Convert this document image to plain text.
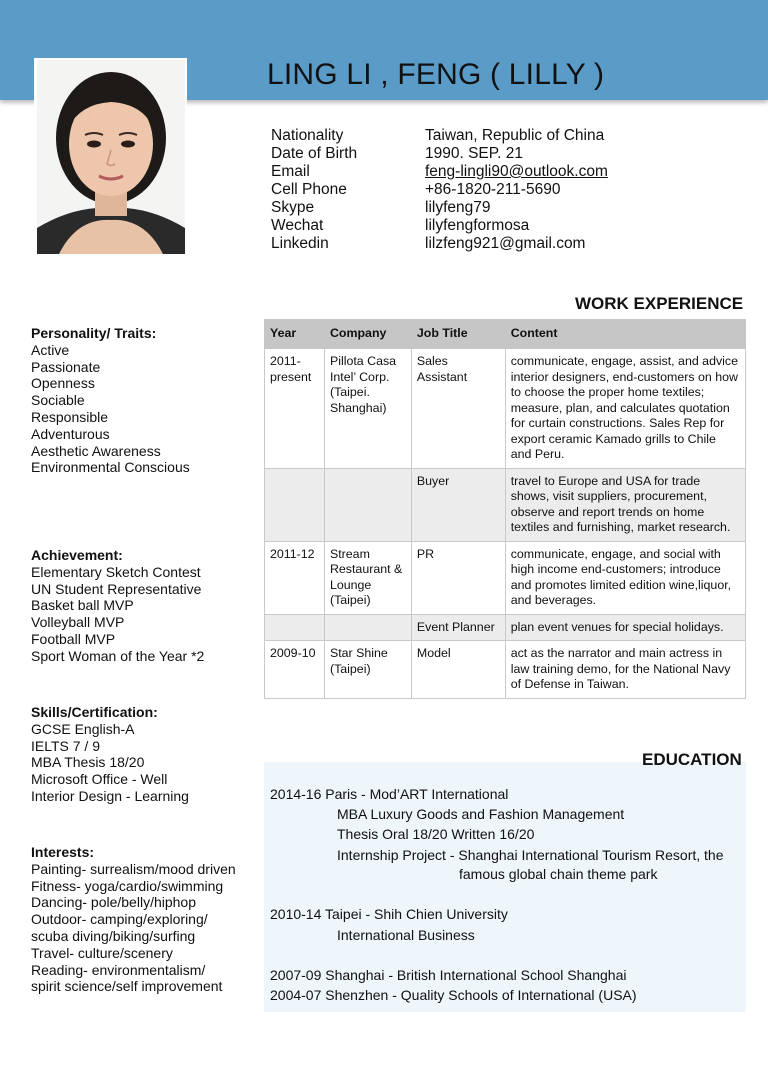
LING LI , FENG ( LILLY )
Nationality	Taiwan, Republic of China
Date of Birth	1990. SEP. 21
Email	feng-lingli90@outlook.com
Cell Phone	+86-1820-211-5690
Skype	lilyfeng79
Wechat	lilyfengformosa
Linkedin	lilzfeng921@gmail.com
Personality/ Traits:
Active
Passionate
Openness
Sociable
Responsible
Adventurous
Aesthetic Awareness
Environmental Conscious
Achievement:
Elementary Sketch Contest
UN Student Representative
Basket ball MVP
Volleyball MVP
Football MVP
Sport Woman of the Year *2
Skills/Certification:
GCSE English-A
IELTS 7 / 9
MBA Thesis 18/20
Microsoft Office - Well
Interior Design - Learning
Interests:
Painting- surrealism/mood driven
Fitness- yoga/cardio/swimming
Dancing- pole/belly/hiphop
Outdoor- camping/exploring/
scuba diving/biking/surfing
Travel- culture/scenery
Reading- environmentalism/
spirit science/self improvement
WORK EXPERIENCE
Year	Company	Job Title	Content
2011-present	Pillota Casa Intel’ Corp. (Taipei. Shanghai)	Sales Assistant	communicate, engage, assist, and advice interior designers, end-customers on how to choose the proper home textiles; measure, plan, and calculates quotation for curtain constructions. Sales Rep for export ceramic Kamado grills to Chile and Peru.
		Buyer	travel to Europe and USA for trade shows, visit suppliers, procurement, observe and report trends on home textiles and furnishing, market research.
2011-12	Stream Restaurant & Lounge (Taipei)	PR	communicate, engage, and social with high income end-customers; introduce and promotes limited edition wine,liquor, and beverages.
		Event Planner	plan event venues for special holidays.
2009-10	Star Shine (Taipei)	Model	act as the narrator and main actress in law training demo, for the National Navy of Defense in Taiwan.
2014-16 Paris - Mod’ART International
MBA Luxury Goods and Fashion Management
Thesis Oral 18/20 Written 16/20
Internship Project - Shanghai International Tourism Resort, the
famous global chain theme park
2010-14 Taipei - Shih Chien University
International Business
2007-09 Shanghai - British International School Shanghai
2004-07 Shenzhen - Quality Schools of International (USA)
EDUCATION
